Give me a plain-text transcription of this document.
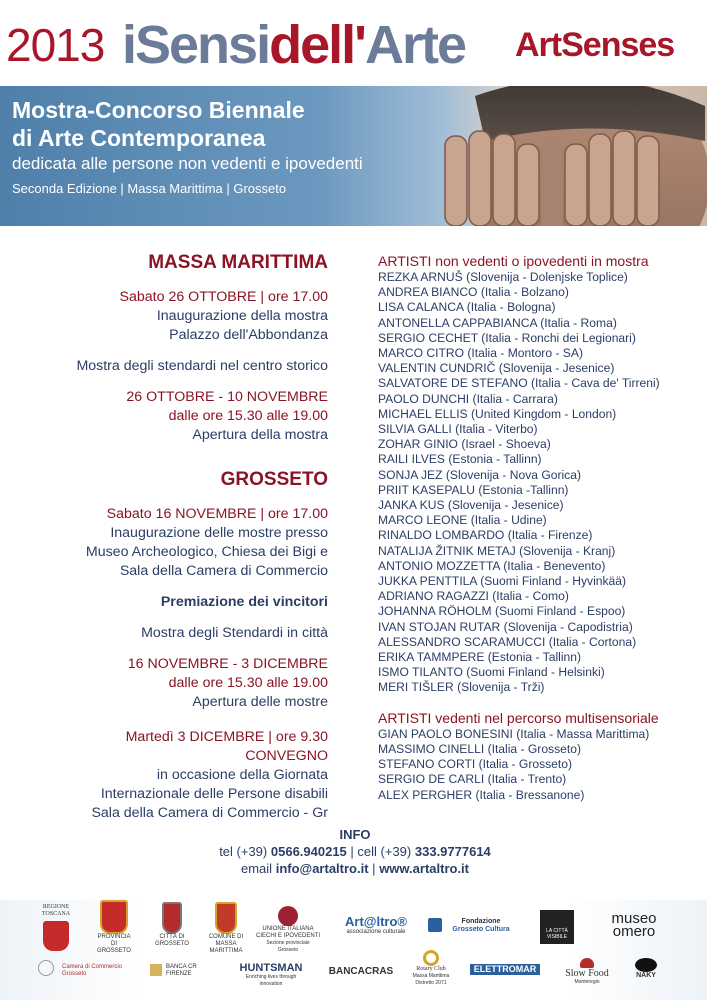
2013 iSensidell'Arte ArtSenses
Mostra-Concorso Biennale
di Arte Contemporanea
dedicata alle persone non vedenti e ipovedenti
Seconda Edizione | Massa Marittima | Grosseto
MASSA MARITTIMA
Sabato 26 OTTOBRE | ore 17.00
Inaugurazione della mostra
Palazzo dell'Abbondanza
Mostra degli stendardi nel centro storico
26 OTTOBRE - 10 NOVEMBRE
dalle ore 15.30 alle 19.00
Apertura della mostra
GROSSETO
Sabato 16 NOVEMBRE | ore 17.00
Inaugurazione delle mostre presso
Museo Archeologico, Chiesa dei Bigi e
Sala della Camera di Commercio
Premiazione dei vincitori
Mostra degli Stendardi in città
16 NOVEMBRE - 3 DICEMBRE
dalle ore 15.30 alle 19.00
Apertura delle mostre
Martedì 3 DICEMBRE | ore 9.30
CONVEGNO
in occasione della Giornata
Internazionale delle Persone disabili
Sala della Camera di Commercio - Gr
ARTISTI non vedenti o ipovedenti in mostra
REZKA ARNUŠ (Slovenija - Dolenjske Toplice)
ANDREA BIANCO (Italia - Bolzano)
LISA CALANCA (Italia - Bologna)
ANTONELLA CAPPABIANCA (Italia - Roma)
SERGIO CECHET (Italia - Ronchi dei Legionari)
MARCO CITRO (Italia - Montoro - SA)
VALENTIN CUNDRIČ (Slovenija - Jesenice)
SALVATORE DE STEFANO (Italia - Cava de' Tirreni)
PAOLO DUNCHI (Italia - Carrara)
MICHAEL ELLIS (United Kingdom - London)
SILVIA GALLI (Italia - Viterbo)
ZOHAR GINIO (Israel - Shoeva)
RAILI ILVES (Estonia - Tallinn)
SONJA JEZ (Slovenija - Nova Gorica)
PRIIT KASEPALU (Estonia -Tallinn)
JANKA KUS (Slovenija - Jesenice)
MARCO LEONE (Italia - Udine)
RINALDO LOMBARDO (Italia - Firenze)
NATALIJA ŽITNIK METAJ (Slovenija - Kranj)
ANTONIO MOZZETTA (Italia - Benevento)
JUKKA PENTTILA (Suomi Finland - Hyvinkää)
ADRIANO RAGAZZI (Italia - Como)
JOHANNA RÖHOLM (Suomi Finland - Espoo)
IVAN STOJAN RUTAR (Slovenija - Capodistria)
ALESSANDRO SCARAMUCCI (Italia - Cortona)
ERIKA TAMMPERE (Estonia - Tallinn)
ISMO TILANTO (Suomi Finland - Helsinki)
MERI TIŠLER (Slovenija - Trži)
ARTISTI vedenti nel percorso multisensoriale
GIAN PAOLO BONESINI (Italia - Massa Marittima)
MASSIMO CINELLI (Italia - Grosseto)
STEFANO CORTI (Italia - Grosseto)
SERGIO DE CARLI (Italia - Trento)
ALEX PERGHER (Italia - Bressanone)
INFO
tel (+39) 0566.940215 | cell (+39) 333.9777614
email info@artaltro.it | www.artaltro.it
REGIONE TOSCANA
PROVINCIA DI GROSSETO
CITTÀ DI GROSSETO
COMUNE DI MASSA MARITTIMA
UNIONE ITALIANA CIECHI E IPOVEDENTI
Sezione provinciale Grosseto
Art@ltro®
associazione culturale
Fondazione
Grosseto Cultura	LA CITTÀ VISIBILE
museo
omero
Camera di Commercio Grosseto
BANCA CR FIRENZE	HUNTSMAN
Enriching lives through innovation
BANCACRAS	Rotary Club
Massa Marittima
Distretto 2071
ELETTROMAR	Slow Food
Monteregio
NÄKY
